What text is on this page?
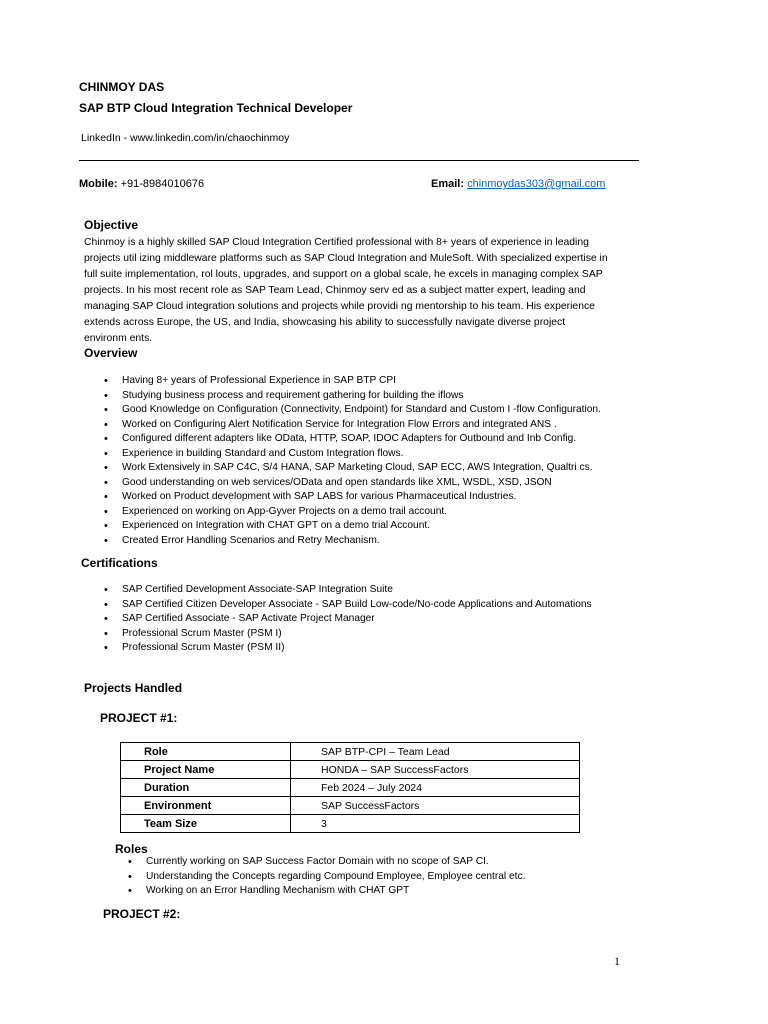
CHINMOY DAS
SAP BTP Cloud Integration Technical Developer
LinkedIn - www.linkedin.com/in/chaochinmoy
Mobile: +91-8984010676	Email: chinmoydas303@gmail.com
Objective
Chinmoy is a highly skilled SAP Cloud Integration Certified professional with 8+ years of experience in leading projects util izing middleware platforms such as SAP Cloud Integration and MuleSoft. With specialized expertise in full suite implementation, rol louts, upgrades, and support on a global scale, he excels in managing complex SAP projects. In his most recent role as SAP Team Lead, Chinmoy serv ed as a subject matter expert, leading and managing SAP Cloud integration solutions and projects while providi ng mentorship to his team. His experience extends across Europe, the US, and India, showcasing his ability to successfully navigate diverse project environm ents.
Overview
• Having 8+ years of Professional Experience in SAP BTP CPI
• Studying business process and requirement gathering for building the iflows
• Good Knowledge on Configuration (Connectivity, Endpoint) for Standard and Custom I -flow Configuration.
• Worked on Configuring Alert Notification Service for Integration Flow Errors and integrated ANS .
• Configured different adapters like OData, HTTP, SOAP, IDOC Adapters for Outbound and Inb Config.
• Experience in building Standard and Custom Integration flows.
• Work Extensively in SAP C4C, S/4 HANA, SAP Marketing Cloud, SAP ECC, AWS Integration, Qualtri cs.
• Good understanding on web services/OData and open standards like XML, WSDL, XSD, JSON
• Worked on Product development with SAP LABS for various Pharmaceutical Industries.
• Experienced on working on App-Gyver Projects on a demo trail account.
• Experienced on Integration with CHAT GPT on a demo trial Account.
• Created Error Handling Scenarios and Retry Mechanism.
Certifications
• SAP Certified Development Associate-SAP Integration Suite
• SAP Certified Citizen Developer Associate - SAP Build Low-code/No-code Applications and Automations
• SAP Certified Associate - SAP Activate Project Manager
• Professional Scrum Master (PSM I)
• Professional Scrum Master (PSM II)
Projects Handled
PROJECT #1:
Role	SAP BTP-CPI – Team Lead
Project Name	HONDA – SAP SuccessFactors
Duration	Feb 2024 – July 2024
Environment	SAP SuccessFactors
Team Size	3
Roles
• Currently working on SAP Success Factor Domain with no scope of SAP CI.
• Understanding the Concepts regarding Compound Employee, Employee central etc.
• Working on an Error Handling Mechanism with CHAT GPT
PROJECT #2:
1
